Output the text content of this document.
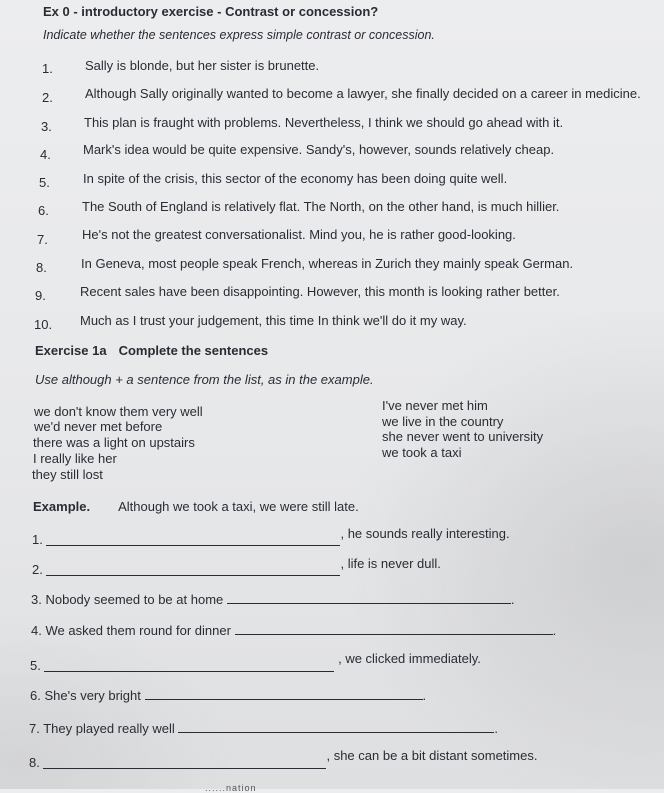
Ex 0 - introductory exercise - Contrast or concession?
Indicate whether the sentences express simple contrast or concession.
1. Sally is blonde, but her sister is brunette.
2. Although Sally originally wanted to become a lawyer, she finally decided on a career in medicine.
3. This plan is fraught with problems. Nevertheless, I think we should go ahead with it.
4. Mark's idea would be quite expensive. Sandy's, however, sounds relatively cheap.
5.	In spite of the crisis, this sector of the economy has been doing quite well.
6.	The South of England is relatively flat. The North, on the other hand, is much hillier.
7.	He's not the greatest conversationalist. Mind you, he is rather good-looking.
8.	In Geneva, most people speak French, whereas in Zurich they mainly speak German.
9.	Recent sales have been disappointing. However, this month is looking rather better.
10. Much as I trust your judgement, this time In think we'll do it my way.
Exercise 1a Complete the sentences
Use although + a sentence from the list, as in the example.
we don't know them very well
we'd never met before
there was a light on upstairs
I really like her
they still lost
I've never met him
we live in the country
she never went to university
we took a taxi
Example. Although we took a taxi, we were still late.
1.	, he sounds really interesting.
2.	, life is never dull.
3. Nobody seemed to be at home	.
4. We asked them round for dinner	.
5.	, we clicked immediately.
6. She's very bright	.
7. They played really well	.
8.	, she can be a bit distant sometimes.
......nation
